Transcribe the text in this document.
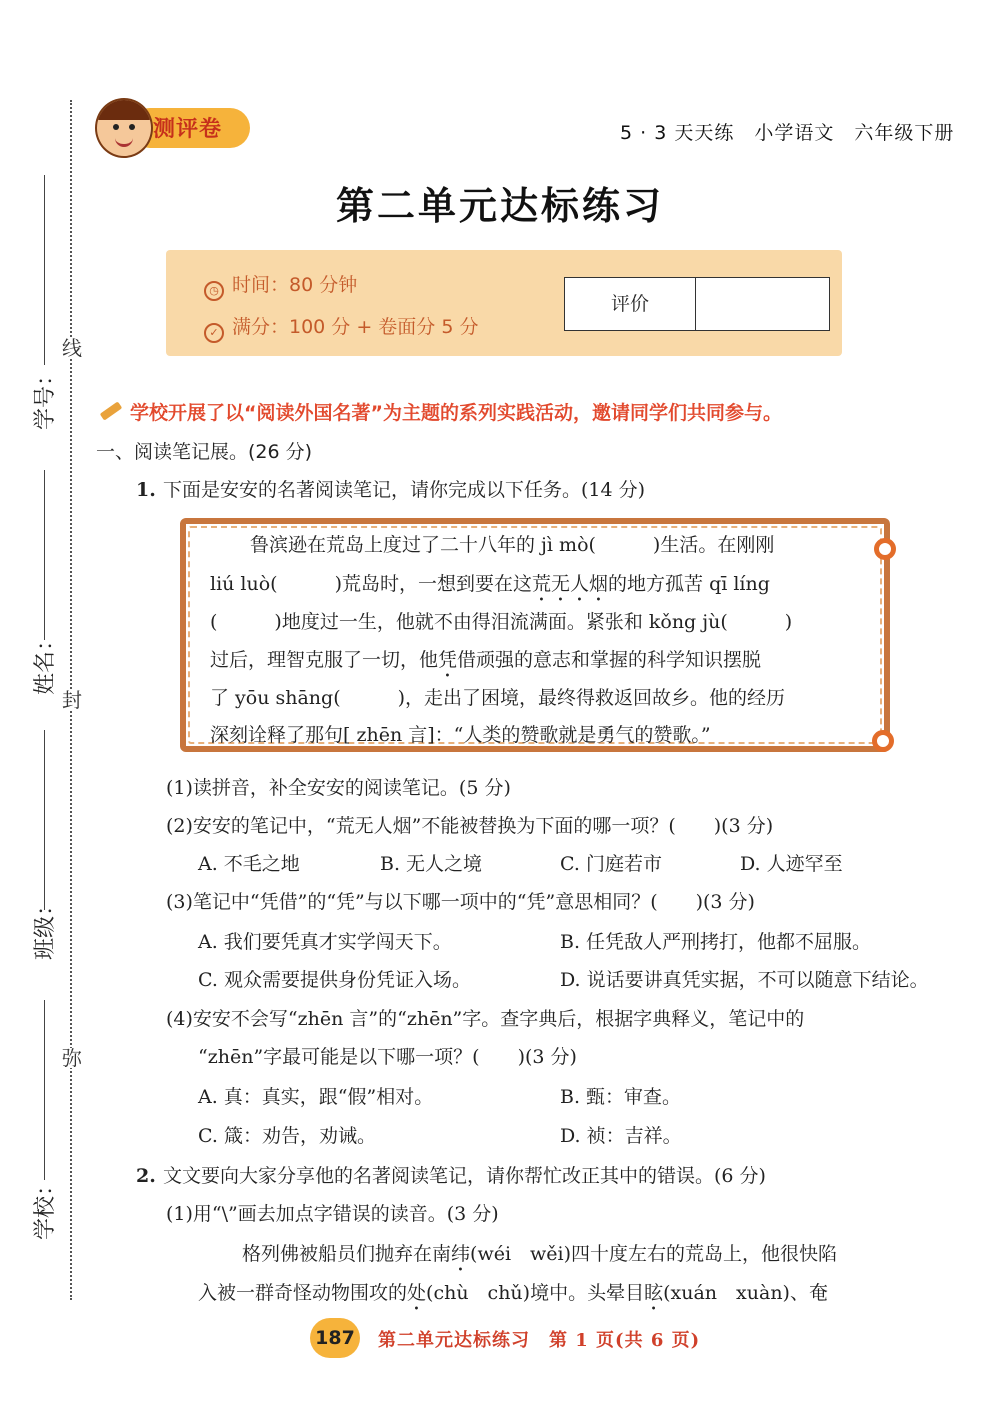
线
封
弥
学号：
姓名：
班级：
学校：
测评卷	5 · 3 天天练　小学语文　六年级下册
第二单元达标练习
◷ 时间：80 分钟
✓ 满分：100 分 + 卷面分 5 分
评价
学校开展了以“阅读外国名著”为主题的系列实践活动，邀请同学们共同参与。
一、阅读笔记展。(26 分)
1. 下面是安安的名著阅读笔记，请你完成以下任务。(14 分)
鲁滨逊在荒岛上度过了二十八年的 jì mò(　　　)生活。在刚刚
liú luò(　　　)荒岛时，一想到要在这荒无人烟的地方孤苦 qī líng
(　　　)地度过一生，他就不由得泪流满面。紧张和 kǒng jù(　　　)
过后，理智克服了一切，他凭借顽强的意志和掌握的科学知识摆脱
了 yōu shāng(　　　)，走出了困境，最终得救返回故乡。他的经历
深刻诠释了那句[ zhēn 言]：“人类的赞歌就是勇气的赞歌。”
(1)读拼音，补全安安的阅读笔记。(5 分)
(2)安安的笔记中，“荒无人烟”不能被替换为下面的哪一项？(　　)(3 分)
A. 不毛之地	B. 无人之境	C. 门庭若市	D. 人迹罕至
(3)笔记中“凭借”的“凭”与以下哪一项中的“凭”意思相同？(　　)(3 分)
A. 我们要凭真才实学闯天下。	B. 任凭敌人严刑拷打，他都不屈服。
C. 观众需要提供身份凭证入场。	D. 说话要讲真凭实据，不可以随意下结论。
(4)安安不会写“zhēn 言”的“zhēn”字。查字典后，根据字典释义，笔记中的
“zhēn”字最可能是以下哪一项？(　　)(3 分)
A. 真：真实，跟“假”相对。	B. 甄：审查。
C. 箴：劝告，劝诫。	D. 祯：吉祥。
2. 文文要向大家分享他的名著阅读笔记，请你帮忙改正其中的错误。(6 分)
(1)用“\”画去加点字错误的读音。(3 分)
格列佛被船员们抛弃在南纬(wéi　wěi)四十度左右的荒岛上，他很快陷
入被一群奇怪动物围攻的处(chù　chǔ)境中。头晕目眩(xuán　xuàn)、奄
187 第二单元达标练习　第 1 页(共 6 页)
